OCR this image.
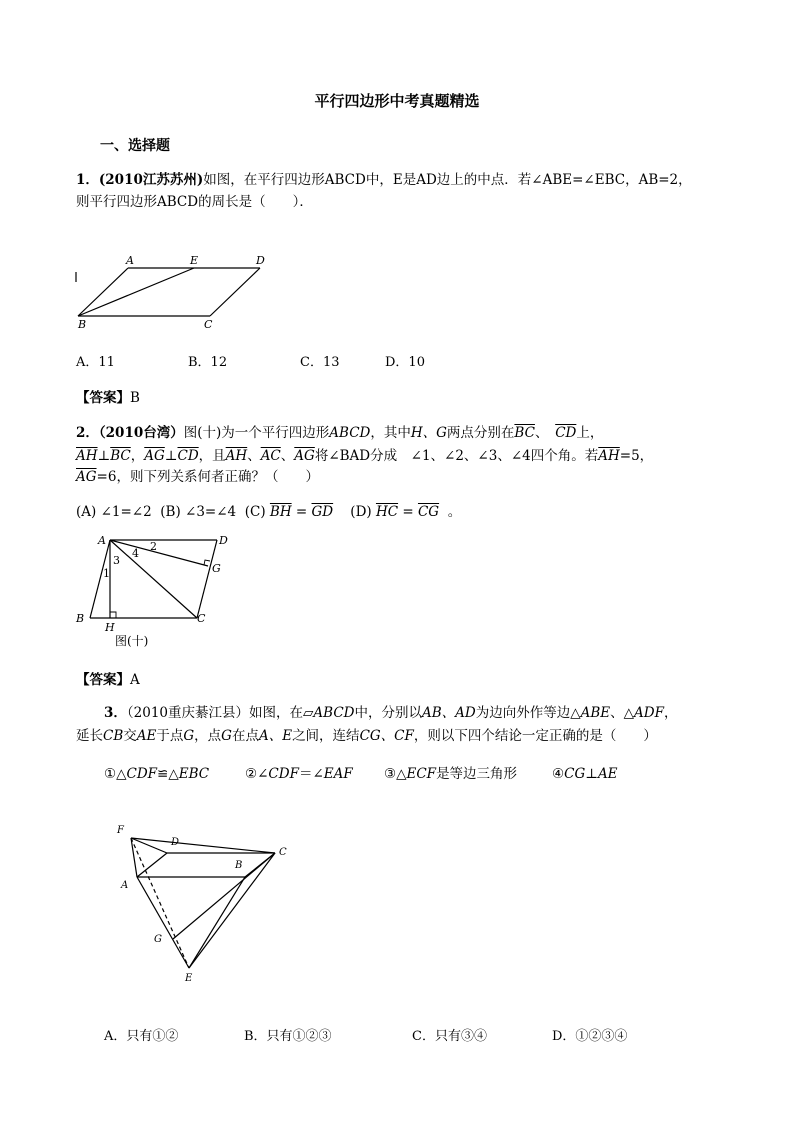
平行四边形中考真题精选
一、选择题
1．(2010江苏苏州)如图，在平行四边形ABCD中，E是AD边上的中点．若∠ABE=∠EBC，AB=2，
则平行四边形ABCD的周长是（　　）．
A	E	D
B	C
A．11	B．12	C．13	D．10
【答案】B
2．（2010台湾）图(十)为一个平行四边形ABCD，其中H、G两点分别在$\overline{BC}$、　 $\overline{CD}$上，
$\overline{AH}\perp\overline{BC}$，$\overline{AG}\perp\overline{CD}$，且$\overline{AH}$、$\overline{AC}$、$\overline{AG}$将∠BAD分成　∠1、∠2、∠3、∠4四个角。若$\overline{AH}=5$，
$\overline{AG}=6$，则下列关系何者正确？（　　）
(A) ∠1=∠2 (B) ∠3=∠4 (C) $\overline{BH} = \overline{GD}$ (D) $\overline{HC} = \overline{CG}$ 。
A	D
B	C
H
G
1
2
3
4
图(十)
【答案】A
3．（2010重庆綦江县）如图，在▱ABCD中，分别以AB、AD为边向外作等边△ABE、△ADF，
延长CB交AE于点G，点G在点A、E之间，连结CG、CF，则以下四个结论一定正确的是（　　）
①△CDF≌△EBC	②∠CDF＝∠EAF ③△ECF是等边三角形	④CG⊥AE
F
D
C
B
A
G
E
A．只有①②	B．只有①②③	C．只有③④	D．①②③④
